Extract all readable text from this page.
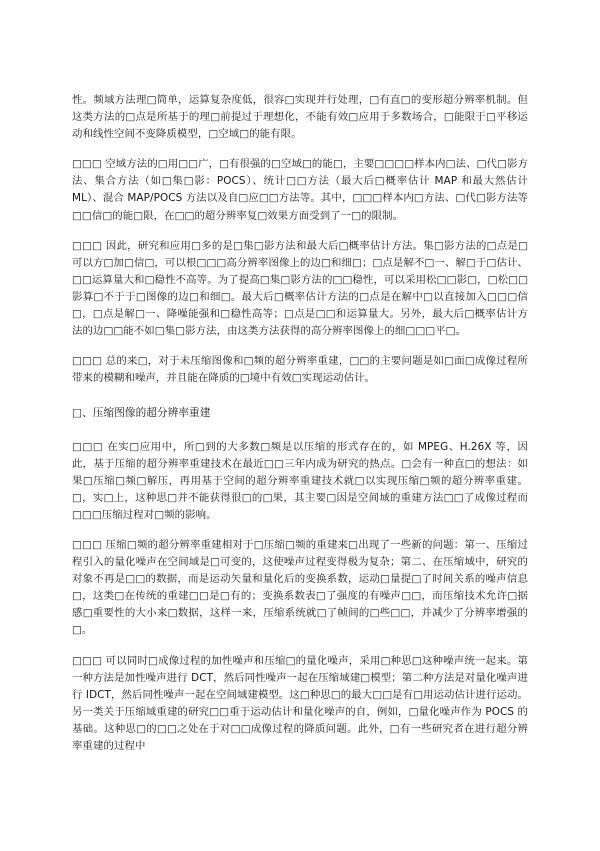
性。频域方法理□简单，运算复杂度低，很容□实现并行处理，□有直□的变形超分辨率机制。但这类方法的□点是所基于的理□前提过于理想化，不能有效□应用于多数场合，□能限于□平移运动和线性空间不变降质模型，□空域□的能有限。

□□□ 空域方法的□用□□广，□有很强的□空域□的能□，主要□□□□样本内□法、□代□影方法、集合方法（如□集□影：POCS）、统计□□方法（最大后□概率估计 MAP 和最大然估计 ML）、混合 MAP/POCS 方法以及自□应□□方法等。其中，□□□样本内□方法、□代□影方法等□□信□的能□限，在□□的超分辨率复□效果方面受到了一□的限制。

□□□ 因此，研究和应用□多的是□集□影方法和最大后□概率估计方法。集□影方法的□点是□可以方□加□信□，可以根□□□高分辨率图像上的边□和细□；□点是解不□一、解□于□估计、□□运算量大和□稳性不高等。为了提高□集□影方法的□□稳性，可以采用松□□影□，□松□□影算□不于于□图像的边□和细□。最大后□概率估计方法的□点是在解中□以直接加入□□□信□，□点是解□一、降噪能强和□稳性高等；□点是□□和运算量大。另外，最大后□概率估计方法的边□□能不如□集□影方法，由这类方法获得的高分辨率图像上的细□□□平□。

□□□ 总的来□，对于未压缩图像和□频的超分辨率重建，□□的主要问题是如□面□成像过程所带来的模糊和噪声，并且能在降质的□境中有效□实现运动估计。

□、压缩图像的超分辨率重建

□□□ 在实□应用中，所□到的大多数□频是以压缩的形式存在的，如 MPEG、H.26X 等，因此，基于压缩的超分辨率重建技术在最近□□三年内成为研究的热点。□会有一种直□的想法：如果□压缩□频□解压，再用基于空间的超分辨率重建技术就□以实现压缩□频的超分辨率重建。□，实□上，这种思□并不能获得很□的□果，其主要□因是空间域的重建方法□□了成像过程而□□□压缩过程对□频的影响。

□□□ 压缩□频的超分辨率重建相对于□压缩□频的重建来□出现了一些新的问题：第一、压缩过程引入的量化噪声在空间域是□可变的，这使噪声过程变得极为复杂；第二、在压缩域中，研究的对象不再是□□的数据，而是运动矢量和量化后的变换系数，运动□量提□了时间关系的噪声信息□，这类□在传统的重建□□是□有的；变换系数表□了强度的有噪声□□，而压缩技术允许□据感□重要性的大小来□数据，这样一来，压缩系统就□了帧间的□些□□，并减少了分辨率增强的□。

□□□ 可以同时□成像过程的加性噪声和压缩□的量化噪声，采用□种思□这种噪声统一起来。第一种方法是加性噪声进行 DCT，然后同性噪声一起在压缩域建□模型；第二种方法是对量化噪声进行 IDCT，然后同性噪声一起在空间域建模型。这□种思□的最大□□是有□用运动估计进行运动。另一类关于压缩域重建的研究□□重于运动估计和量化噪声的自，例如，□量化噪声作为 POCS 的基础。这种思□的□□之处在于对□□成像过程的降质问题。此外，□有一些研究者在进行超分辨率重建的过程中
